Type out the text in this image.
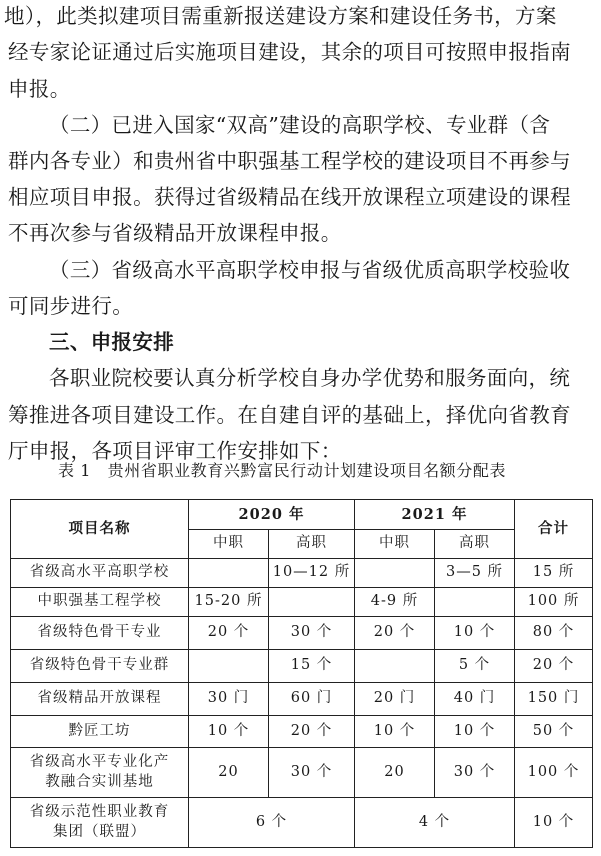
地），此类拟建项目需重新报送建设方案和建设任务书，方案
经专家论证通过后实施项目建设，其余的项目可按照申报指南
申报。
（二）已进入国家“双高”建设的高职学校、专业群（含
群内各专业）和贵州省中职强基工程学校的建设项目不再参与
相应项目申报。获得过省级精品在线开放课程立项建设的课程
不再次参与省级精品开放课程申报。
（三）省级高水平高职学校申报与省级优质高职学校验收
可同步进行。
三、申报安排
各职业院校要认真分析学校自身办学优势和服务面向，统
筹推进各项目建设工作。在自建自评的基础上，择优向省教育
厅申报，各项目评审工作安排如下：
表 1　贵州省职业教育兴黔富民行动计划建设项目名额分配表
项目名称	2020 年		2021 年		合计
	中职	高职	中职	高职	
省级高水平高职学校		10—12 所		3—5 所	15 所
中职强基工程学校	15-20 所		4-9 所		100 所
省级特色骨干专业	20 个	30 个	20 个	10 个	80 个
省级特色骨干专业群		15 个		5 个	20 个
省级精品开放课程	30 门	60 门	20 门	40 门	150 门
黔匠工坊	10 个	20 个	10 个	10 个	50 个

省级高水平专业化产
教融合实训基地	20	30 个	20	30 个	100 个

省级示范性职业教育
集团（联盟）	6 个		4 个		10 个
